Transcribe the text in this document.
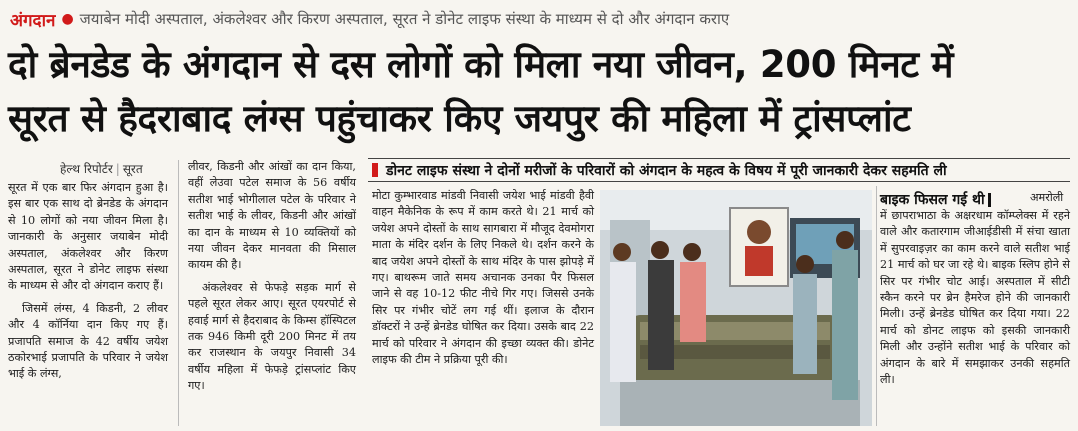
अंगदान ● जयाबेन मोदी अस्पताल, अंकलेश्वर और किरण अस्पताल, सूरत ने डोनेट लाइफ संस्था के माध्यम से दो और अंगदान कराए
दो ब्रेनडेड के अंगदान से दस लोगों को मिला नया जीवन, 200 मिनट में
सूरत से हैदराबाद लंग्स पहुंचाकर किए जयपुर की महिला में ट्रांसप्लांट
हेल्थ रिपोर्टर | सूरत

सूरत में एक बार फिर अंगदान हुआ है। इस बार एक साथ दो ब्रेनडेड के अंगदान से 10 लोगों को नया जीवन मिला है। जानकारी के अनुसार जयाबेन मोदी अस्पताल, अंकलेश्वर और किरण अस्पताल, सूरत ने डोनेट लाइफ संस्था के माध्यम से और दो अंगदान कराए हैं।

जिसमें लंग्स, 4 किडनी, 2 लीवर और 4 कॉर्निया दान किए गए हैं। प्रजापति समाज के 42 वर्षीय जयेश ठकोरभाई प्रजापति के परिवार ने जयेश भाई के लंग्स,

लीवर, किडनी और आंखों का दान किया, वहीं लेउवा पटेल समाज के 56 वर्षीय सतीश भाई भोगीलाल पटेल के परिवार ने सतीश भाई के लीवर, किडनी और आंखों का दान के माध्यम से 10 व्यक्तियों को नया जीवन देकर मानवता की मिसाल कायम की है।

अंकलेश्वर से फेफड़े सड़क मार्ग से पहले सूरत लेकर आए। सूरत एयरपोर्ट से हवाई मार्ग से हैदराबाद के किम्स हॉस्पिटल तक 946 किमी दूरी 200 मिनट में तय कर राजस्थान के जयपुर निवासी 34 वर्षीय महिला में फेफड़े ट्रांसप्लांट किए गए।

डोनट लाइफ संस्था ने दोनों मरीजों के परिवारों को अंगदान के महत्व के विषय में पूरी जानकारी देकर सहमति ली

मोटा कुम्भारवाड मांडवी निवासी जयेश भाई मांडवी हैवी वाहन मैकेनिक के रूप में काम करते थे। 21 मार्च को जयेश अपने दोस्तों के साथ सागबारा में मौजूद देवमोगरा माता के मंदिर दर्शन के लिए निकले थे। दर्शन करने के बाद जयेश अपने दोस्तों के साथ मंदिर के पास झोपड़े में गए। बाथरूम जाते समय अचानक उनका पैर फिसल जाने से वह 10-12 फीट नीचे गिर गए। जिससे उनके सिर पर गंभीर चोटें लग गई थीं। इलाज के दौरान डॉक्टरों ने उन्हें ब्रेनडेड घोषित कर दिया। उसके बाद 22 मार्च को परिवार ने अंगदान की इच्छा व्यक्त की। डोनेट लाइफ की टीम ने प्रक्रिया पूरी की।

बाइक फिसल गई थी	अमरोली

में छापराभाठा के अक्षरधाम कॉम्प्लेक्स में रहने वाले और कतारगाम जीआईडीसी में संचा खाता में सुपरवाइज़र का काम करने वाले सतीश भाई 21 मार्च को घर जा रहे थे। बाइक स्लिप होने से सिर पर गंभीर चोट आई। अस्पताल में सीटी स्कैन करने पर ब्रेन हैमरेज होने की जानकारी मिली। उन्हें ब्रेनडेड घोषित कर दिया गया। 22 मार्च को डोनट लाइफ को इसकी जानकारी मिली और उन्होंने सतीश भाई के परिवार को अंगदान के बारे में समझाकर उनकी सहमति ली।
